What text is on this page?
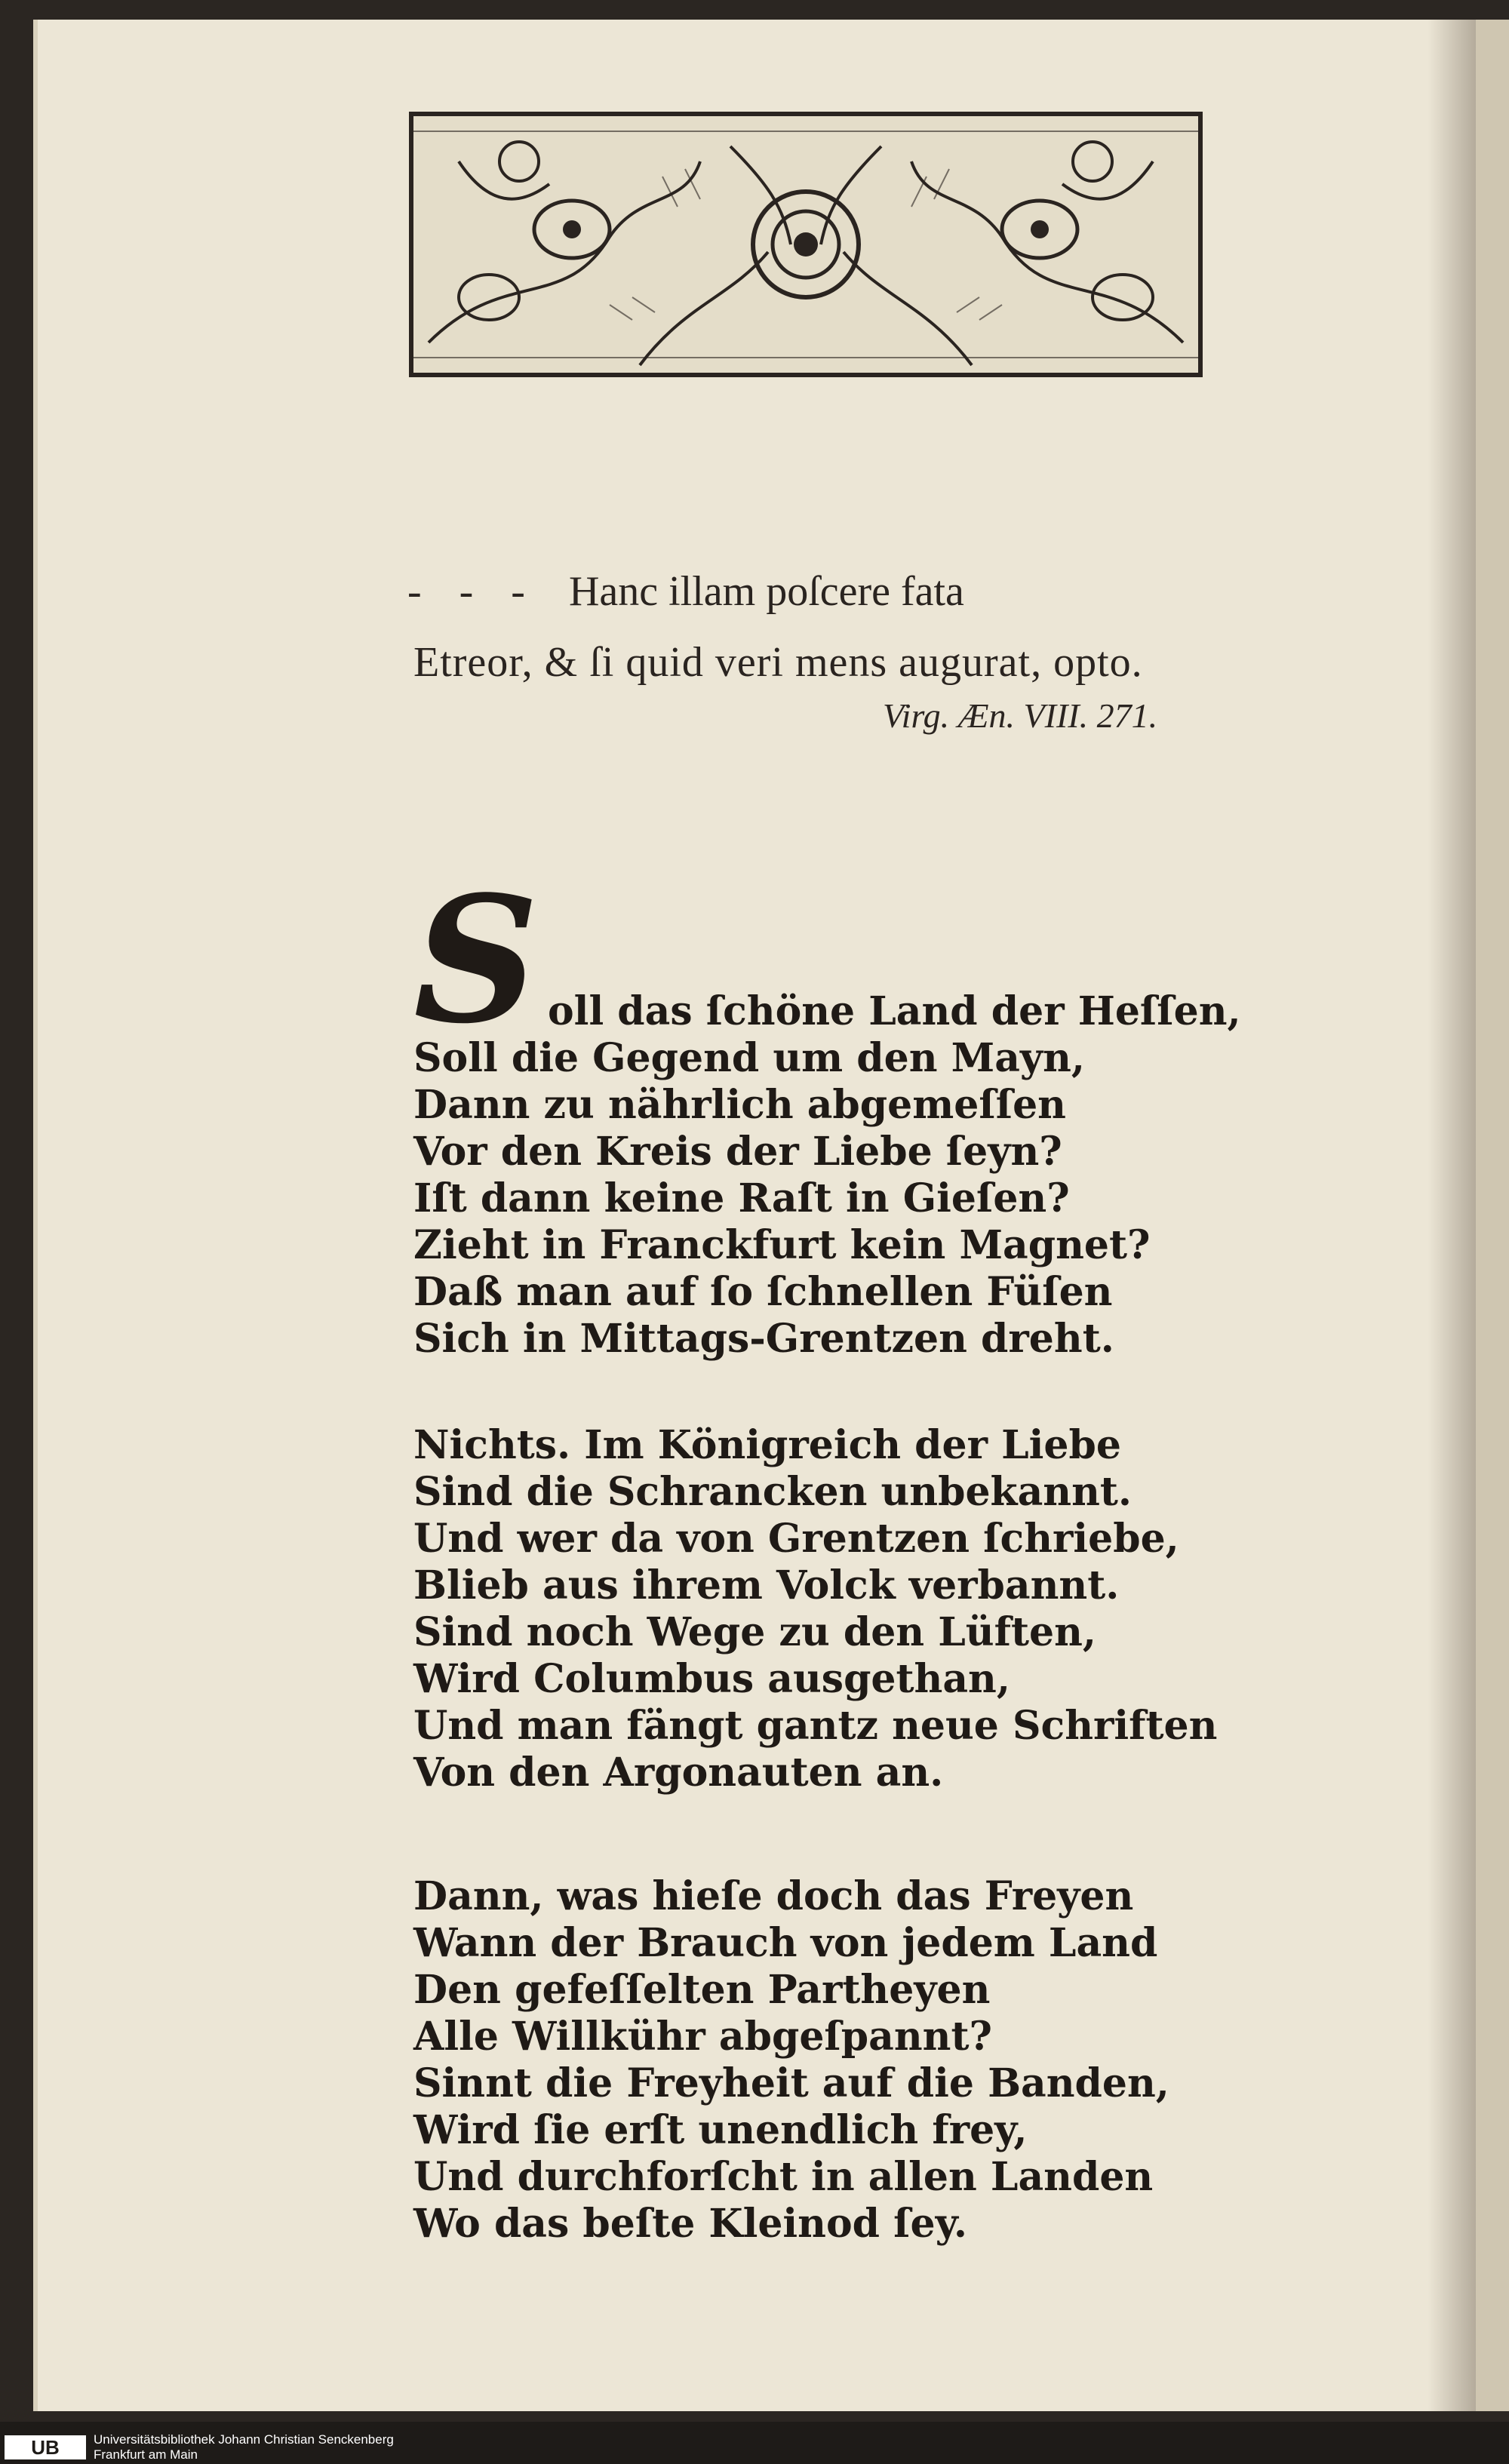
- - - Hanc illam poſcere fata
Etreor, & ſi quid veri mens augurat, opto.
Virg. Æn. VIII. 271.
S oll das ſchöne Land der Heſſen,
Soll die Gegend um den Mayn,
Dann zu nährlich abgemeſſen
Vor den Kreis der Liebe ſeyn?
Iſt dann keine Raſt in Gieſen?
Zieht in Franckfurt kein Magnet?
Daß man auf ſo ſchnellen Füſen
Sich in Mittags-Grentzen dreht.
Nichts. Im Königreich der Liebe
Sind die Schrancken unbekannt.
Und wer da von Grentzen ſchriebe,
Blieb aus ihrem Volck verbannt.
Sind noch Wege zu den Lüften,
Wird Columbus ausgethan,
Und man fängt gantz neue Schriften
Von den Argonauten an.
Dann, was hieſe doch das Freyen
Wann der Brauch von jedem Land
Den gefeſſelten Partheyen
Alle Willkühr abgeſpannt?
Sinnt die Freyheit auf die Banden,
Wird ſie erſt unendlich frey,
Und durchforſcht in allen Landen
Wo das beſte Kleinod ſey.
UB	Universitätsbibliothek Johann Christian Senckenberg
Frankfurt am Main
